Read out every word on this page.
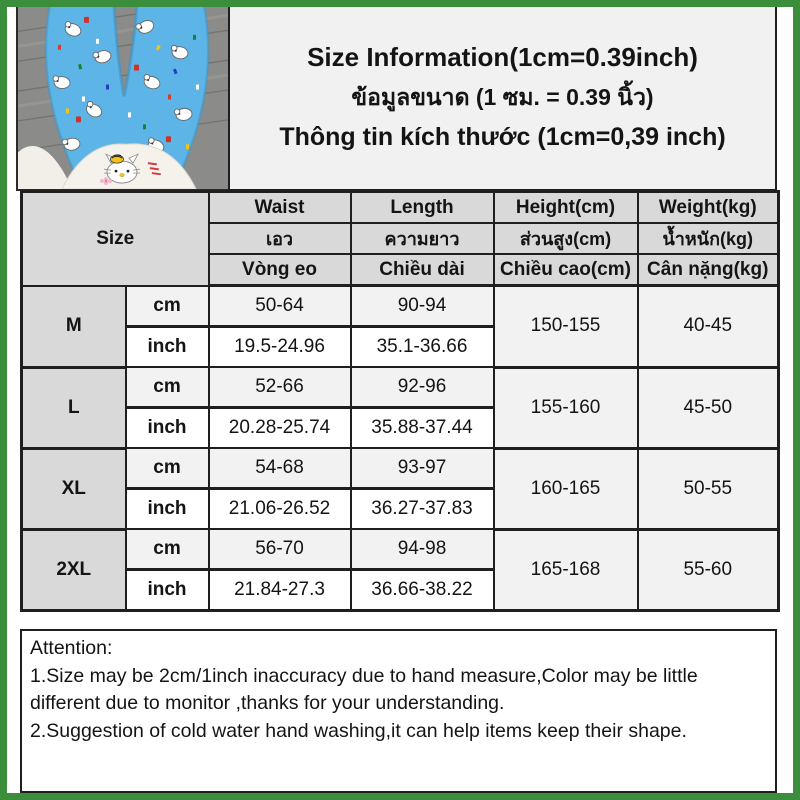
Size Information(1cm=0.39inch)
ข้อมูลขนาด (1 ซม. = 0.39 นิ้ว)
Thông tin kích thước (1cm=0,39 inch)
Size		Waist	Length	Height(cm)	Weight(kg)
		เอว	ความยาว	ส่วนสูง(cm)	น้ำหนัก(kg)
		Vòng eo	Chiều dài	Chiều cao(cm)	Cân nặng(kg)
M	cm	50-64	90-94	150-155	40-45
	inch	19.5-24.96	35.1-36.66		
L	cm	52-66	92-96	155-160	45-50
	inch	20.28-25.74	35.88-37.44		
XL	cm	54-68	93-97	160-165	50-55
	inch	21.06-26.52	36.27-37.83		
2XL	cm	56-70	94-98	165-168	55-60
	inch	21.84-27.3	36.66-38.22		
Attention:
1.Size may be 2cm/1inch inaccuracy due to hand measure,Color may be little different due to monitor ,thanks for your understanding.
2.Suggestion of cold water hand washing,it can help items keep their shape.
